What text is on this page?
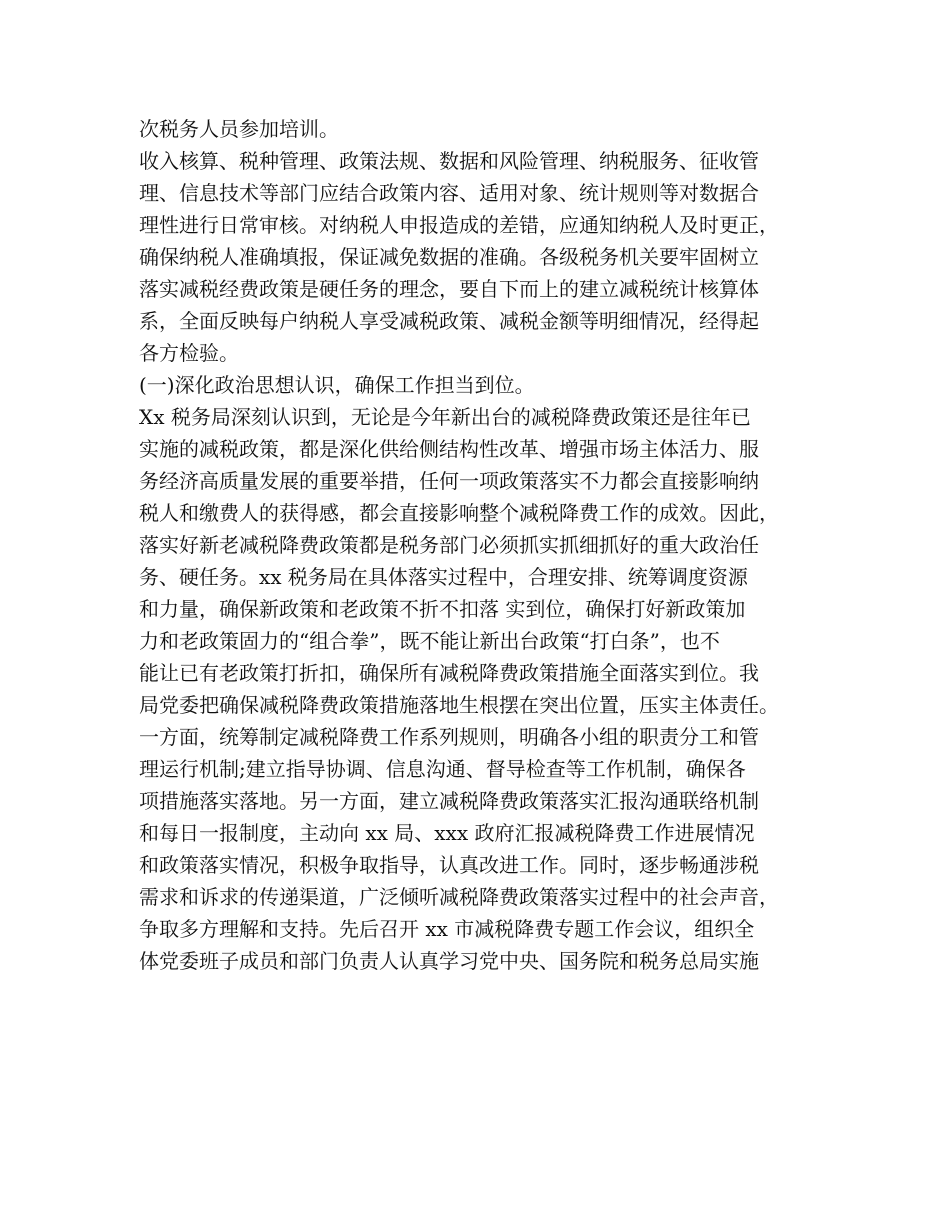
次税务人员参加培训。
收入核算、税种管理、政策法规、数据和风险管理、纳税服务、征收管
理、信息技术等部门应结合政策内容、适用对象、统计规则等对数据合
理性进行日常审核。对纳税人申报造成的差错，应通知纳税人及时更正，
确保纳税人准确填报，保证减免数据的准确。各级税务机关要牢固树立
落实减税经费政策是硬任务的理念，要自下而上的建立减税统计核算体
系，全面反映每户纳税人享受减税政策、减税金额等明细情况，经得起
各方检验。
(一)深化政治思想认识，确保工作担当到位。
Xx 税务局深刻认识到，无论是今年新出台的减税降费政策还是往年已
实施的减税政策，都是深化供给侧结构性改革、增强市场主体活力、服
务经济高质量发展的重要举措，任何一项政策落实不力都会直接影响纳
税人和缴费人的获得感，都会直接影响整个减税降费工作的成效。因此，
落实好新老减税降费政策都是税务部门必须抓实抓细抓好的重大政治任
务、硬任务。xx 税务局在具体落实过程中，合理安排、统筹调度资源
和力量，确保新政策和老政策不折不扣落 实到位，确保打好新政策加
力和老政策固力的“组合拳”，既不能让新出台政策“打白条”，也不
能让已有老政策打折扣，确保所有减税降费政策措施全面落实到位。我
局党委把确保减税降费政策措施落地生根摆在突出位置，压实主体责任。
一方面，统筹制定减税降费工作系列规则，明确各小组的职责分工和管
理运行机制;建立指导协调、信息沟通、督导检查等工作机制，确保各
项措施落实落地。另一方面，建立减税降费政策落实汇报沟通联络机制
和每日一报制度，主动向 xx 局、xxx 政府汇报减税降费工作进展情况
和政策落实情况，积极争取指导，认真改进工作。同时，逐步畅通涉税
需求和诉求的传递渠道，广泛倾听减税降费政策落实过程中的社会声音，
争取多方理解和支持。先后召开 xx 市减税降费专题工作会议，组织全
体党委班子成员和部门负责人认真学习党中央、国务院和税务总局实施
